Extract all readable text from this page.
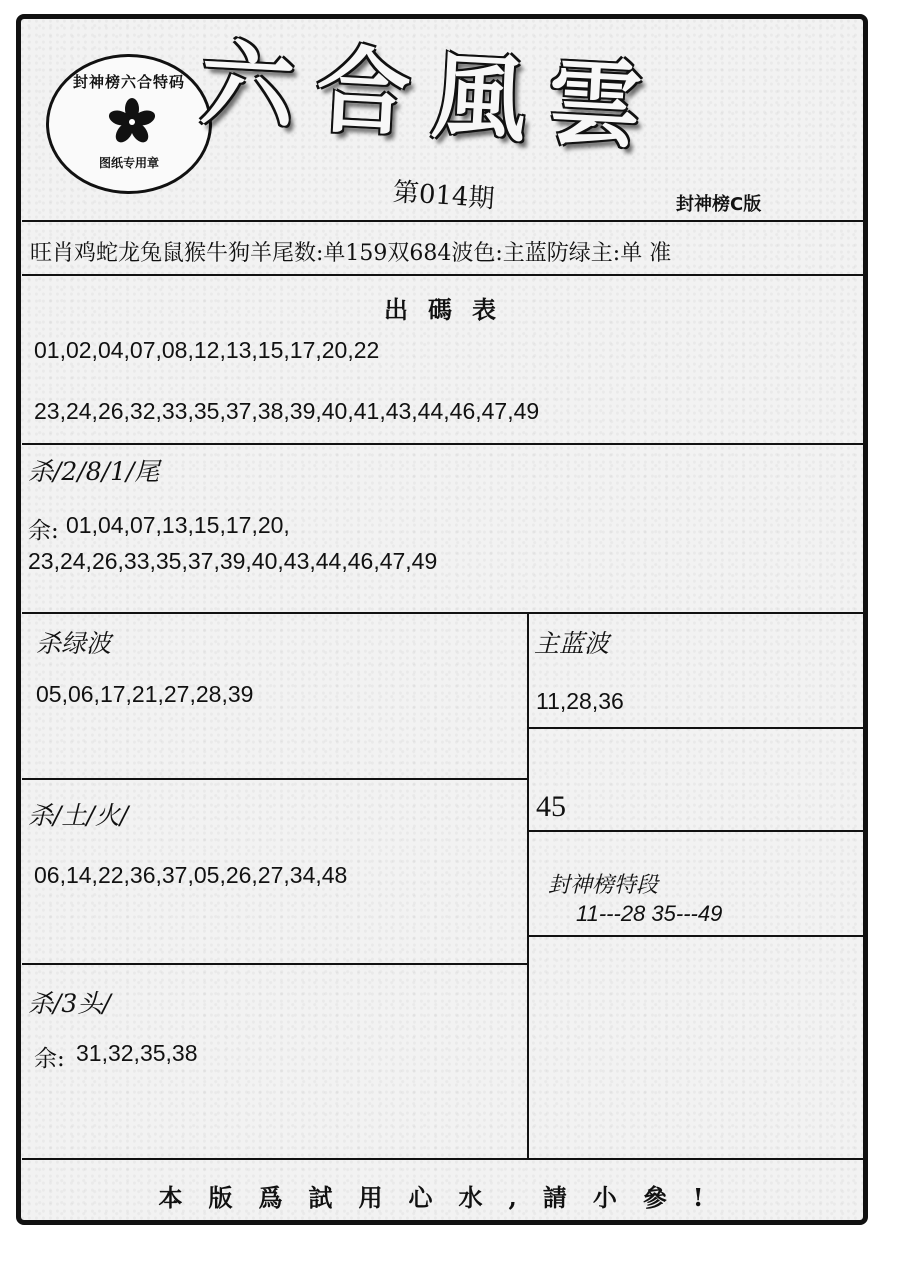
封神榜六合特码
图纸专用章 六合風雲
第014期	封神榜C版
旺肖鸡蛇龙兔鼠猴牛狗羊尾数:单159双684波色:主蓝防绿主:单 准
出碼表
01,02,04,07,08,12,13,15,17,20,22
23,24,26,32,33,35,37,38,39,40,41,43,44,46,47,49
杀/2/8/1/尾
余: 01,04,07,13,15,17,20,
23,24,26,33,35,37,39,40,43,44,46,47,49
杀绿波
05,06,17,21,27,28,39
主蓝波
11,28,36
45
杀/土/火/
06,14,22,36,37,05,26,27,34,48	封神榜特段
11---28 35---49
杀/3头/
余: 31,32,35,38
本版爲試用心水,請小參!
